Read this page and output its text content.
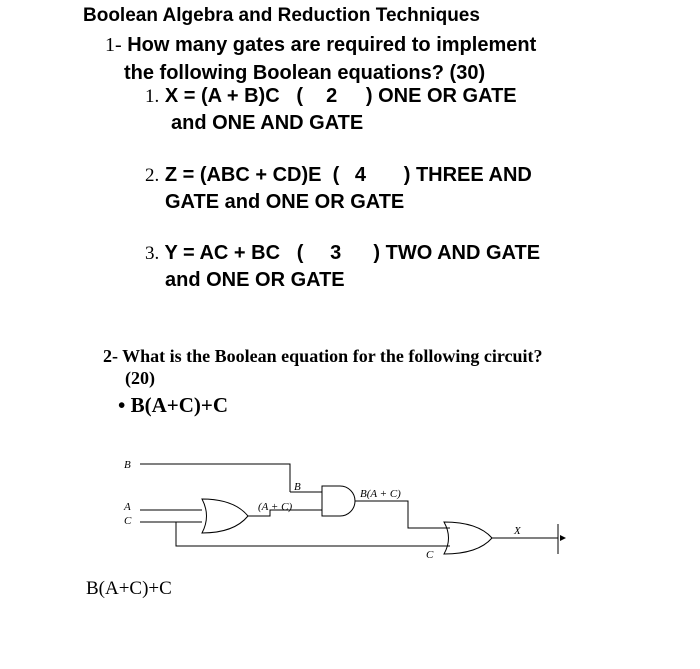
Boolean Algebra and Reduction Techniques
1- How many gates are required to implement
the following Boolean equations? (30)
1. X = (A + B)C   (   2 ) ONE OR GATE
and ONE AND GATE
2. Z = (ABC + CD)E  (  4 ) THREE AND
GATE and ONE OR GATE
3. Y = AC + BC   (    3 ) TWO AND GATE
and ONE OR GATE
2- What is the Boolean equation for the following circuit?
(20)
• B(A+C)+C
B
A
C
(A + C)
B
B(A + C)
C
X
B(A+C)+C
